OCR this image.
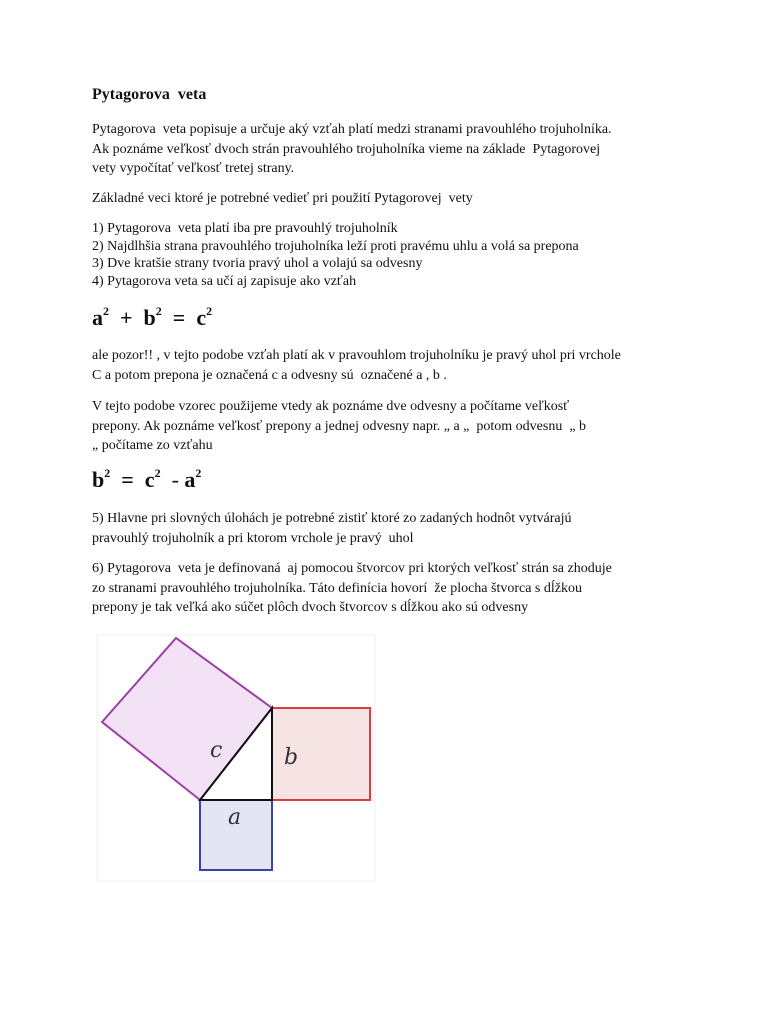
Pytagorova  veta

Pytagorova  veta popisuje a určuje aký vzťah platí medzi stranami pravouhlého trojuholníka.
Ak poznáme veľkosť dvoch strán pravouhlého trojuholníka vieme na základe  Pytagorovej
vety vypočítať veľkosť tretej strany.

Základné veci ktoré je potrebné vedieť pri použití Pytagorovej  vety

1) Pytagorova  veta platí iba pre pravouhlý trojuholník
2) Najdlhšia strana pravouhlého trojuholníka leží proti pravému uhlu a volá sa prepona
3) Dve kratšie strany tvoria pravý uhol a volajú sa odvesny
4) Pytagorova veta sa učí aj zapisuje ako vzťah

$a^2 + b^2 = c^2$

ale pozor!! , v tejto podobe vzťah platí ak v pravouhlom trojuholníku je pravý uhol pri vrchole
C a potom prepona je označená c a odvesny sú  označené a , b .

V tejto podobe vzorec použijeme vtedy ak poznáme dve odvesny a počítame veľkosť
prepony. Ak poznáme veľkosť prepony a jednej odvesny napr. „ a „  potom odvesnu  „ b
„ počítame zo vzťahu

$b^2 = c^2 - a^2$

5) Hlavne pri slovných úlohách je potrebné zistiť ktoré zo zadaných hodnôt vytvárajú
pravouhlý trojuholník a pri ktorom vrchole je pravý  uhol

6) Pytagorova  veta je definovaná  aj pomocou štvorcov pri ktorých veľkosť strán sa zhoduje
zo stranami pravouhlého trojuholníka. Táto definícia hovorí  že plocha štvorca s dĺžkou
prepony je tak veľká ako súčet plôch dvoch štvorcov s dĺžkou ako sú odvesny

c	b
a
